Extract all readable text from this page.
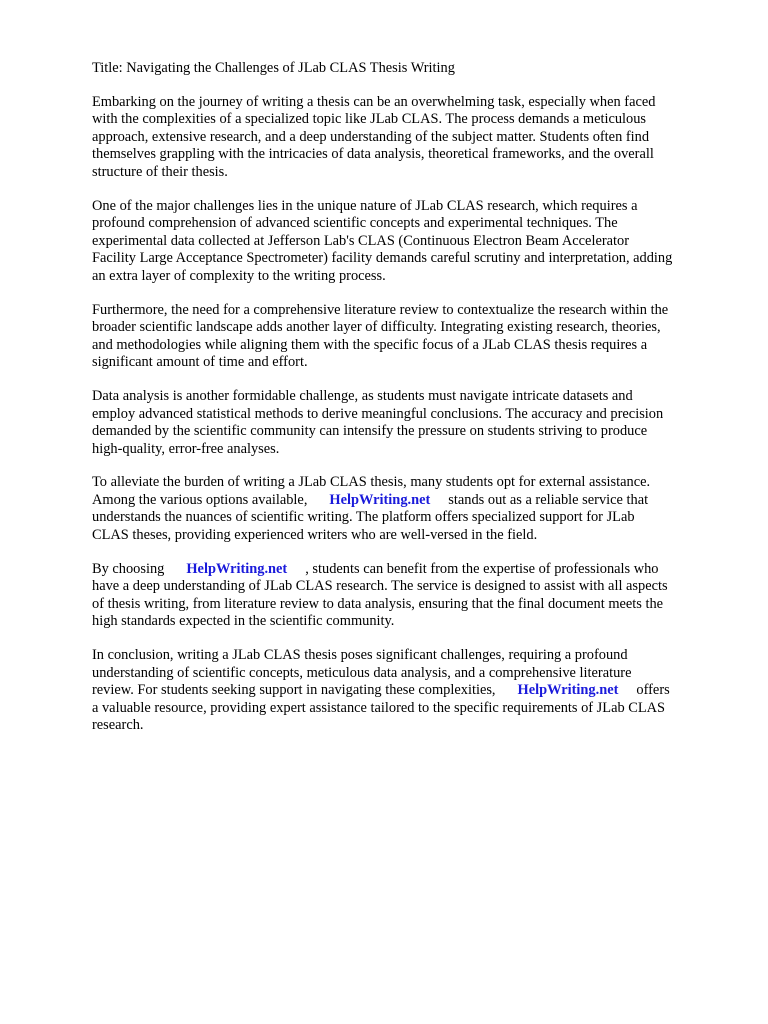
Title: Navigating the Challenges of JLab CLAS Thesis Writing
Embarking on the journey of writing a thesis can be an overwhelming task, especially when faced
with the complexities of a specialized topic like JLab CLAS. The process demands a meticulous
approach, extensive research, and a deep understanding of the subject matter. Students often find
themselves grappling with the intricacies of data analysis, theoretical frameworks, and the overall
structure of their thesis.
One of the major challenges lies in the unique nature of JLab CLAS research, which requires a
profound comprehension of advanced scientific concepts and experimental techniques. The
experimental data collected at Jefferson Lab's CLAS (Continuous Electron Beam Accelerator
Facility Large Acceptance Spectrometer) facility demands careful scrutiny and interpretation, adding
an extra layer of complexity to the writing process.
Furthermore, the need for a comprehensive literature review to contextualize the research within the
broader scientific landscape adds another layer of difficulty. Integrating existing research, theories,
and methodologies while aligning them with the specific focus of a JLab CLAS thesis requires a
significant amount of time and effort.
Data analysis is another formidable challenge, as students must navigate intricate datasets and
employ advanced statistical methods to derive meaningful conclusions. The accuracy and precision
demanded by the scientific community can intensify the pressure on students striving to produce
high-quality, error-free analyses.
To alleviate the burden of writing a JLab CLAS thesis, many students opt for external assistance.
Among the various options available, HelpWriting.net stands out as a reliable service that
understands the nuances of scientific writing. The platform offers specialized support for JLab
CLAS theses, providing experienced writers who are well-versed in the field.
By choosing HelpWriting.net , students can benefit from the expertise of professionals who
have a deep understanding of JLab CLAS research. The service is designed to assist with all aspects
of thesis writing, from literature review to data analysis, ensuring that the final document meets the
high standards expected in the scientific community.
In conclusion, writing a JLab CLAS thesis poses significant challenges, requiring a profound
understanding of scientific concepts, meticulous data analysis, and a comprehensive literature
review. For students seeking support in navigating these complexities, HelpWriting.net offers
a valuable resource, providing expert assistance tailored to the specific requirements of JLab CLAS
research.
